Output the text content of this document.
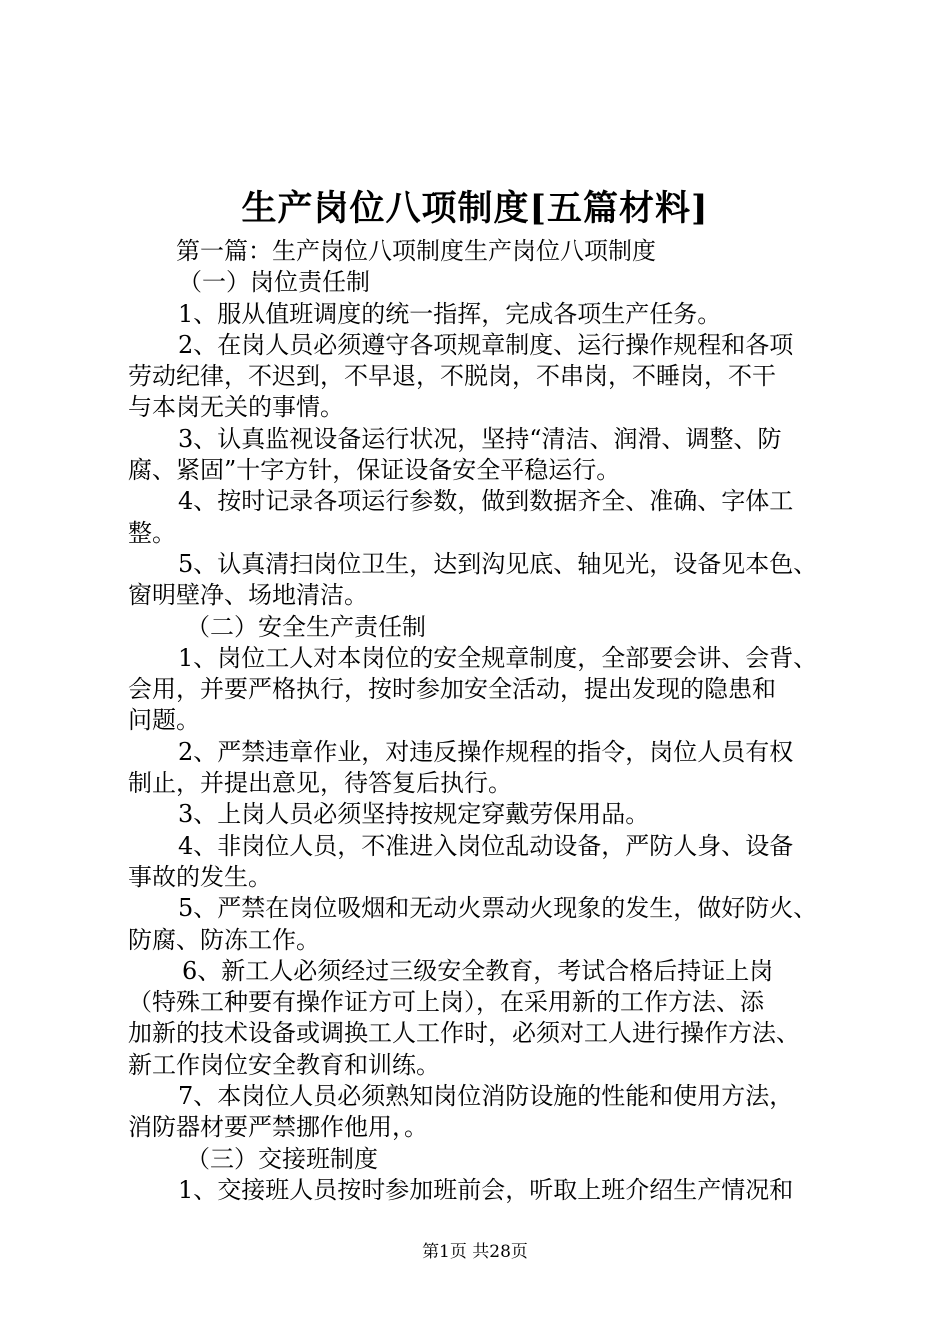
生产岗位八项制度[五篇材料]
第一篇：生产岗位八项制度生产岗位八项制度
（一）岗位责任制
1、服从值班调度的统一指挥，完成各项生产任务。
2、在岗人员必须遵守各项规章制度、运行操作规程和各项
劳动纪律，不迟到，不早退，不脱岗，不串岗，不睡岗，不干
与本岗无关的事情。
3、认真监视设备运行状况，坚持“清洁、润滑、调整、防
腐、紧固”十字方针，保证设备安全平稳运行。
4、按时记录各项运行参数，做到数据齐全、准确、字体工
整。
5、认真清扫岗位卫生，达到沟见底、轴见光，设备见本色、
窗明壁净、场地清洁。
（二）安全生产责任制
1、岗位工人对本岗位的安全规章制度，全部要会讲、会背、
会用，并要严格执行，按时参加安全活动，提出发现的隐患和
问题。
2、严禁违章作业，对违反操作规程的指令，岗位人员有权
制止，并提出意见，待答复后执行。
3、上岗人员必须坚持按规定穿戴劳保用品。
4、非岗位人员，不准进入岗位乱动设备，严防人身、设备
事故的发生。
5、严禁在岗位吸烟和无动火票动火现象的发生，做好防火、
防腐、防冻工作。
6、新工人必须经过三级安全教育，考试合格后持证上岗
（特殊工种要有操作证方可上岗），在采用新的工作方法、添
加新的技术设备或调换工人工作时，必须对工人进行操作方法、
新工作岗位安全教育和训练。
7、本岗位人员必须熟知岗位消防设施的性能和使用方法，
消防器材要严禁挪作他用，。
（三）交接班制度
1、交接班人员按时参加班前会，听取上班介绍生产情况和
第1页 共28页
